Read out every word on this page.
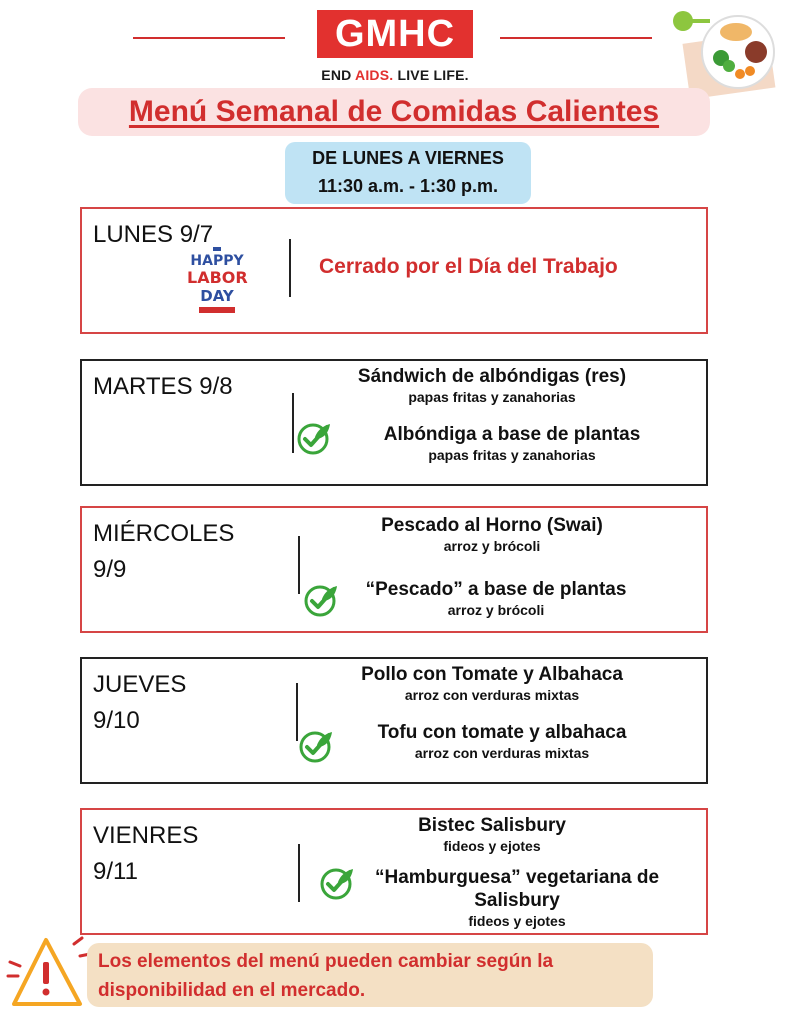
GMHC
END AIDS. LIVE LIFE.
Menú Semanal de Comidas Calientes
DE LUNES A VIERNES
11:30 a.m. - 1:30 p.m.
LUNES 9/7
HAPPY
LABOR
DAY
Cerrado por el Día del Trabajo
MARTES 9/8	Sándwich de albóndigas (res)
papas fritas y zanahorias
Albóndiga a base de plantas
papas fritas y zanahorias
MIÉRCOLES
9/9
Pescado al Horno (Swai)
arroz y brócoli
“Pescado” a base de plantas
arroz y brócoli
JUEVES
9/10
Pollo con Tomate y Albahaca
arroz con verduras mixtas
Tofu con tomate y albahaca
arroz con verduras mixtas
VIENRES
9/11
Bistec Salisbury
fideos y ejotes
“Hamburguesa” vegetariana de
Salisbury
fideos y ejotes
Los elementos del menú pueden cambiar según la
disponibilidad en el mercado.
